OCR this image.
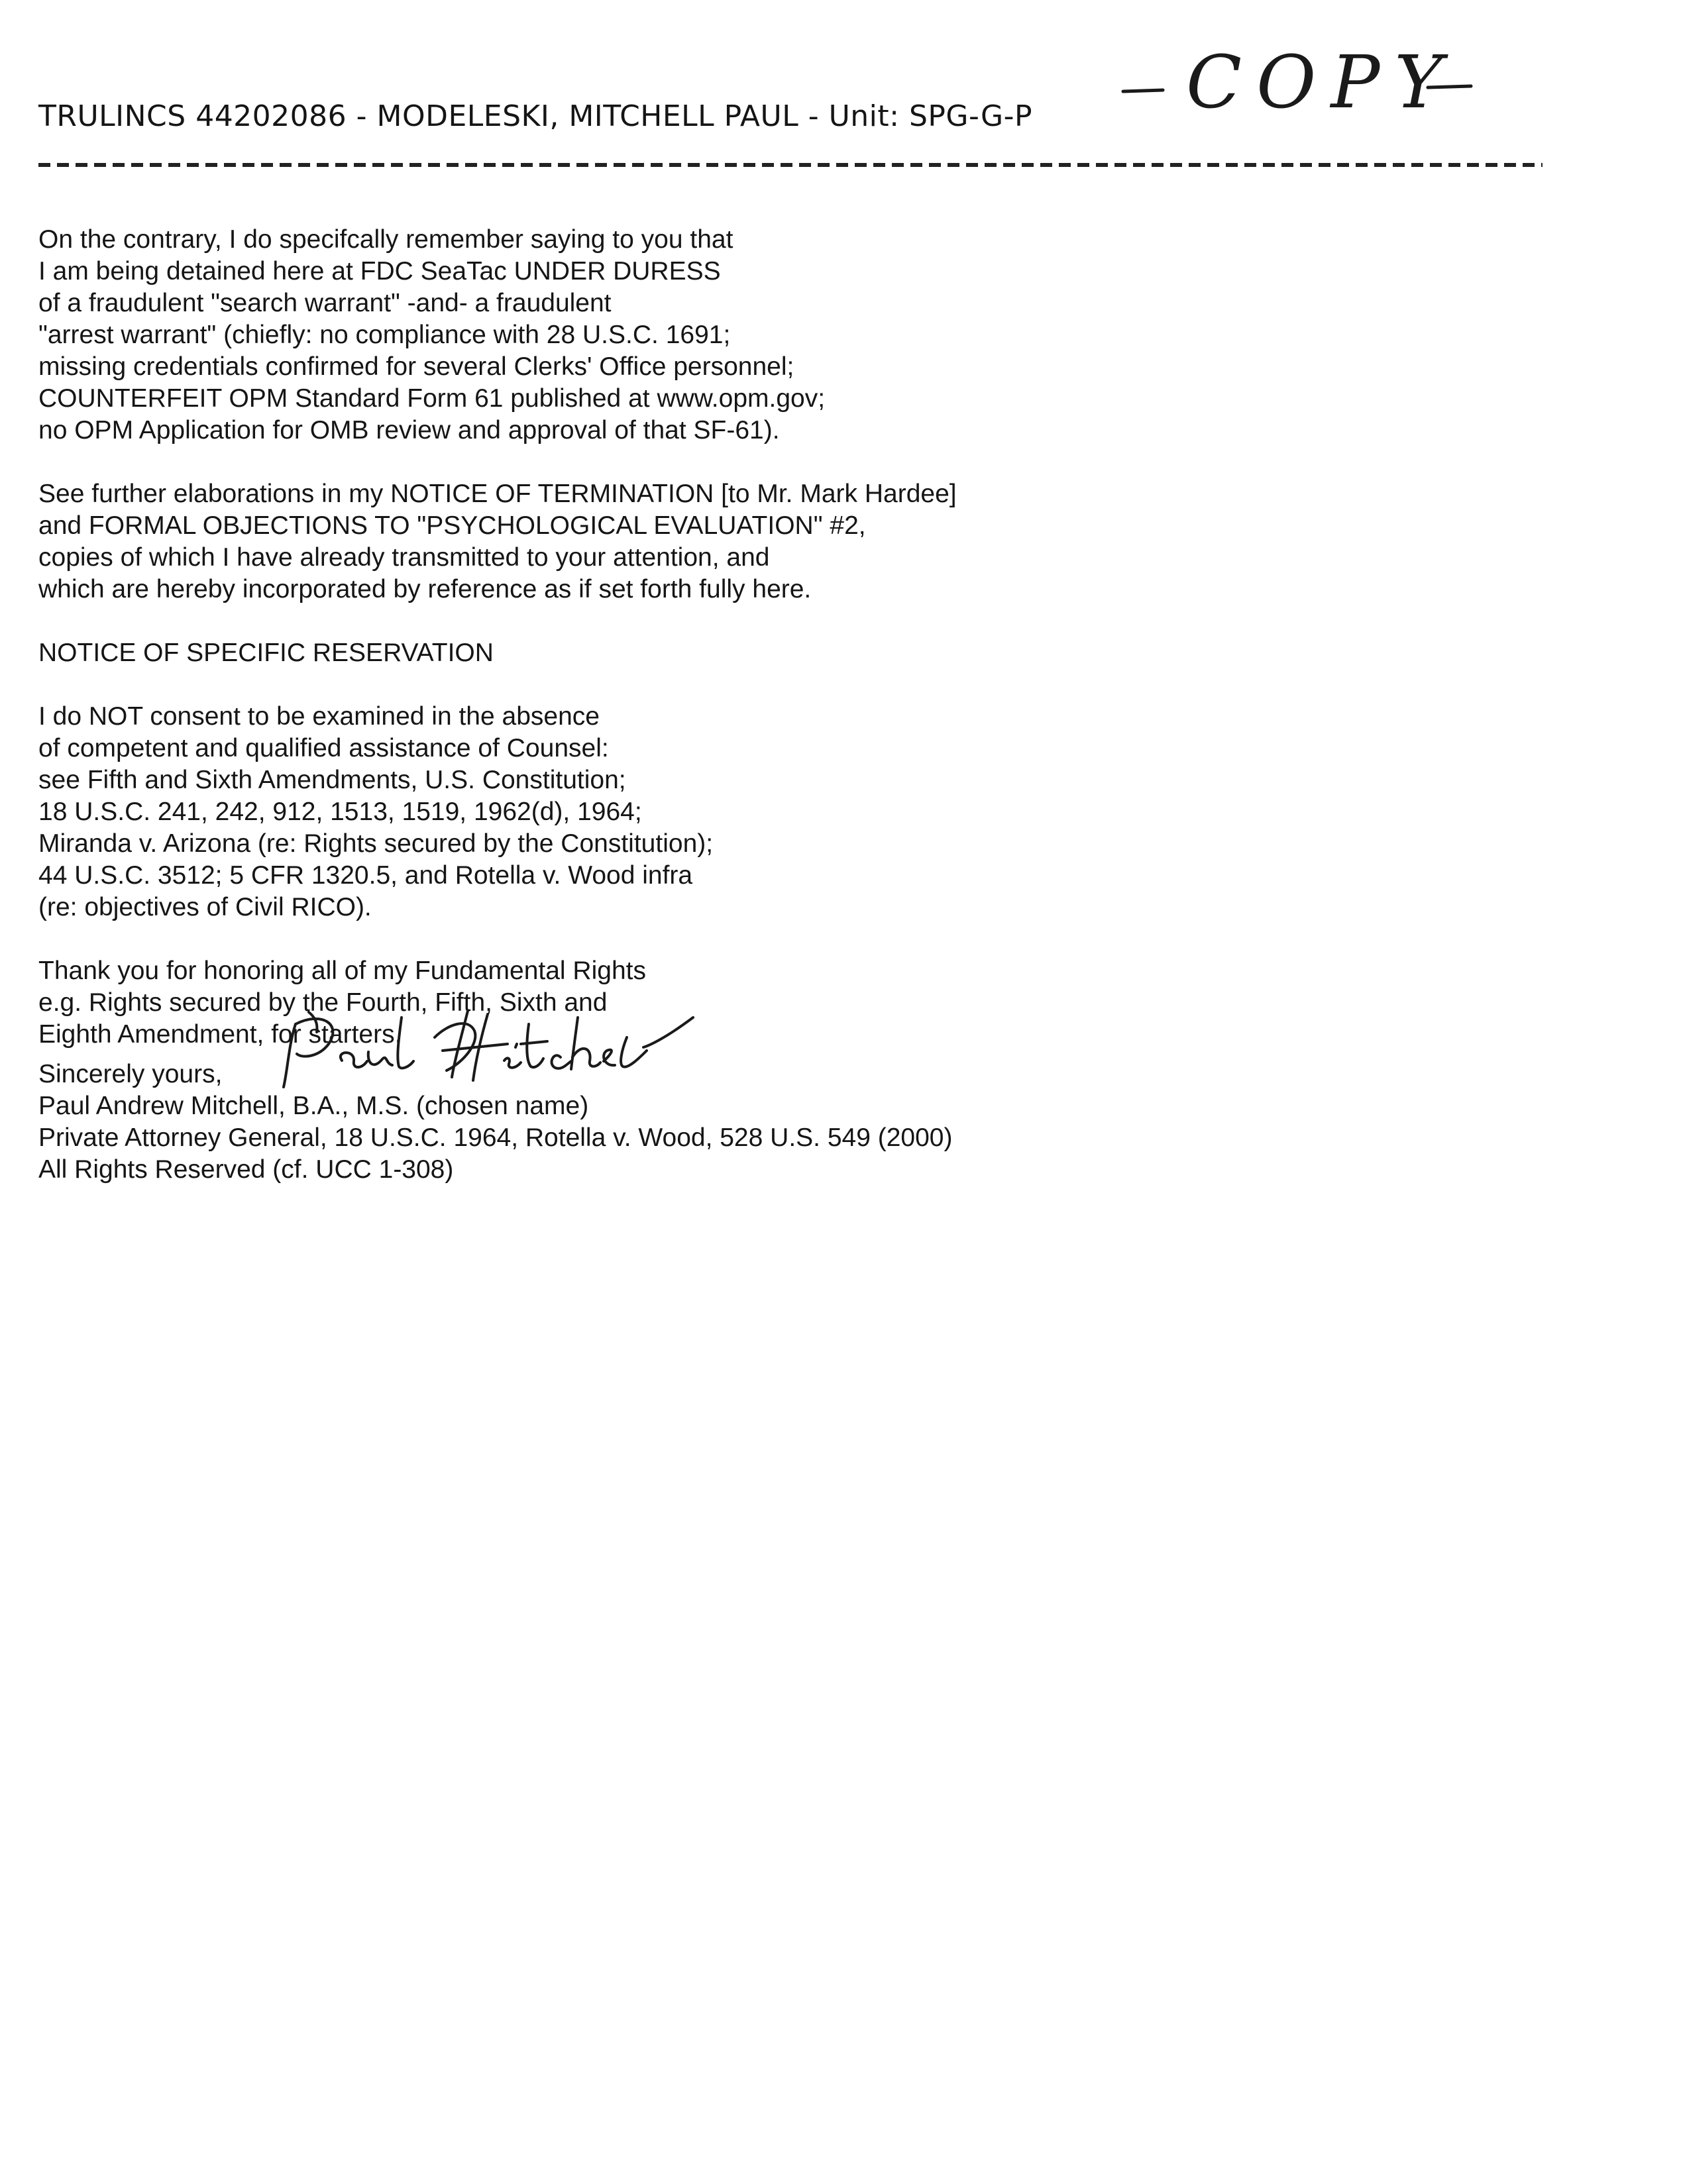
TRULINCS 44202086 - MODELESKI, MITCHELL PAUL - Unit: SPG-G-P COPY
On the contrary, I do specifcally remember saying to you that
I am being detained here at FDC SeaTac UNDER DURESS
of a fraudulent "search warrant" -and- a fraudulent
"arrest warrant" (chiefly: no compliance with 28 U.S.C. 1691;
missing credentials confirmed for several Clerks' Office personnel;
COUNTERFEIT OPM Standard Form 61 published at www.opm.gov;
no OPM Application for OMB review and approval of that SF-61).
See further elaborations in my NOTICE OF TERMINATION [to Mr. Mark Hardee]
and FORMAL OBJECTIONS TO "PSYCHOLOGICAL EVALUATION" #2,
copies of which I have already transmitted to your attention, and
which are hereby incorporated by reference as if set forth fully here.
NOTICE OF SPECIFIC RESERVATION
I do NOT consent to be examined in the absence
of competent and qualified assistance of Counsel:
see Fifth and Sixth Amendments, U.S. Constitution;
18 U.S.C. 241, 242, 912, 1513, 1519, 1962(d), 1964;
Miranda v. Arizona (re: Rights secured by the Constitution);
44 U.S.C. 3512; 5 CFR 1320.5, and Rotella v. Wood infra
(re: objectives of Civil RICO).
Thank you for honoring all of my Fundamental Rights
e.g. Rights secured by the Fourth, Fifth, Sixth and
Eighth Amendment, for starters.
Sincerely yours,
Paul Andrew Mitchell, B.A., M.S. (chosen name)
Private Attorney General, 18 U.S.C. 1964, Rotella v. Wood, 528 U.S. 549 (2000)
All Rights Reserved (cf. UCC 1-308)
